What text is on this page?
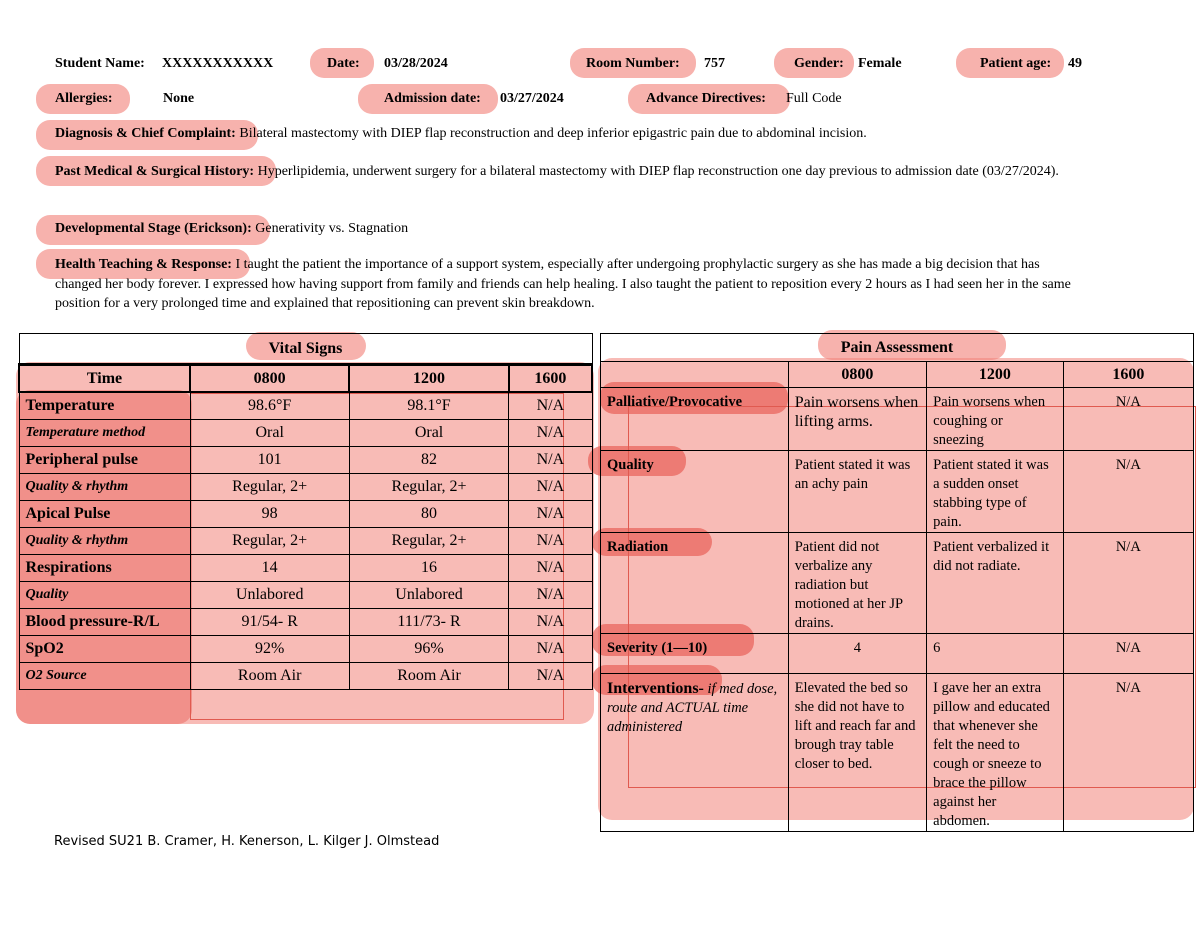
Student Name: XXXXXXXXXXX	Date: 03/28/2024	Room Number: 757	Gender: Female	Patient age: 49
Allergies:	None	Admission date: 03/27/2024	Advance Directives: Full Code
Diagnosis & Chief Complaint: Bilateral mastectomy with DIEP flap reconstruction and deep inferior epigastric pain due to abdominal incision.
Past Medical & Surgical History: Hyperlipidemia, underwent surgery for a bilateral mastectomy with DIEP flap reconstruction one day previous to admission date (03/27/2024).
Developmental Stage (Erickson): Generativity vs. Stagnation
Health Teaching & Response: I taught the patient the importance of a support system, especially after undergoing prophylactic surgery as she has made a big decision that has changed her body forever. I expressed how having support from family and friends can help healing. I also taught the patient to reposition every 2 hours as I had seen her in the same position for a very prolonged time and explained that repositioning can prevent skin breakdown.
Vital Signs			
Time	0800	1200	1600
Temperature	98.6°F	98.1°F	N/A
Temperature method	Oral	Oral	N/A
Peripheral pulse	101	82	N/A
Quality & rhythm	Regular, 2+	Regular, 2+	N/A
Apical Pulse	98	80	N/A
Quality & rhythm	Regular, 2+	Regular, 2+	N/A
Respirations	14	16	N/A
Quality	Unlabored	Unlabored	N/A
Blood pressure-R/L	91/54- R	111/73- R	N/A
SpO2	92%	96%	N/A
O2 Source	Room Air	Room Air	N/A
Pain Assessment			
	0800	1200	1600
Palliative/Provocative	Pain worsens when lifting arms.	Pain worsens when coughing or sneezing	N/A
Quality	Patient stated it was an achy pain	Patient stated it was a sudden onset stabbing type of pain.	N/A
Radiation	Patient did not verbalize any radiation but motioned at her JP drains.	Patient verbalized it did not radiate.	N/A
Severity (1—10)	4	6	N/A
Interventions- if med dose, route and ACTUAL time administered	Elevated the bed so she did not have to lift and reach far and brough tray table closer to bed.	I gave her an extra pillow and educated that whenever she felt the need to cough or sneeze to brace the pillow against her abdomen.	N/A
Revised SU21 B. Cramer, H. Kenerson, L. Kilger J. Olmstead
